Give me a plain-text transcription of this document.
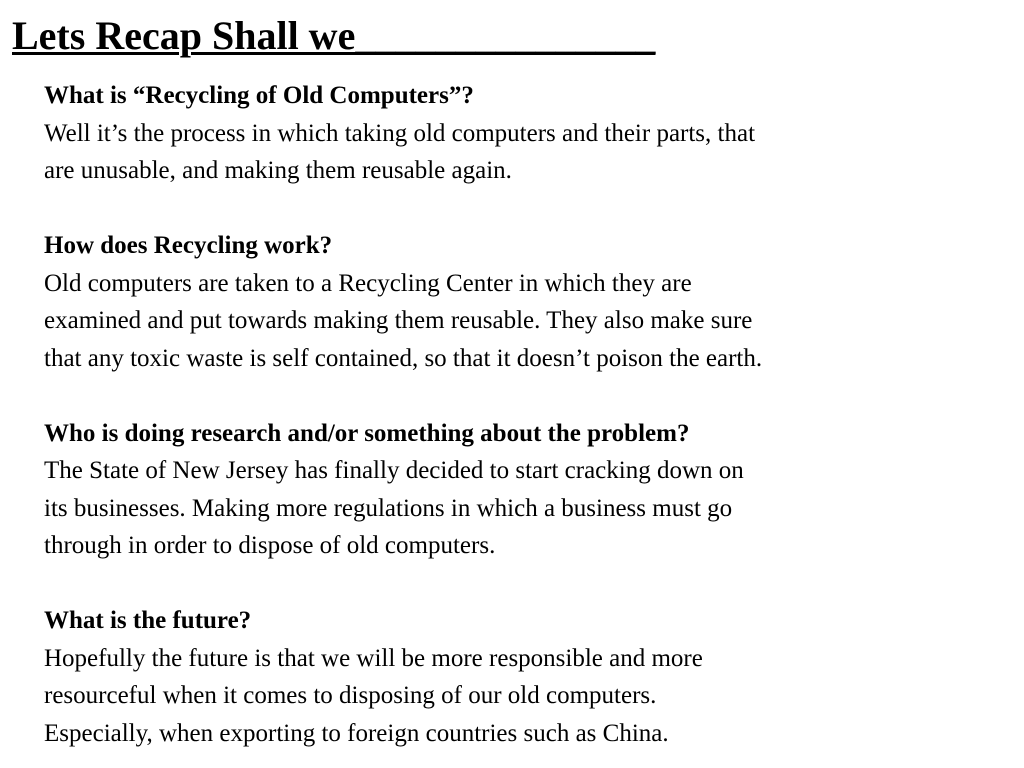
Lets Recap Shall we_______________
What is “Recycling of Old Computers”?
Well it’s the process in which taking old computers and their parts, that
are unusable, and making them reusable again.
How does Recycling work?
Old computers are taken to a Recycling Center in which they are
examined and put towards making them reusable. They also make sure
that any toxic waste is self contained, so that it doesn’t poison the earth.
Who is doing research and/or something about the problem?
The State of New Jersey has finally decided to start cracking down on
its businesses. Making more regulations in which a business must go
through in order to dispose of old computers.
What is the future?
Hopefully the future is that we will be more responsible and more
resourceful when it comes to disposing of our old computers.
Especially, when exporting to foreign countries such as China.
